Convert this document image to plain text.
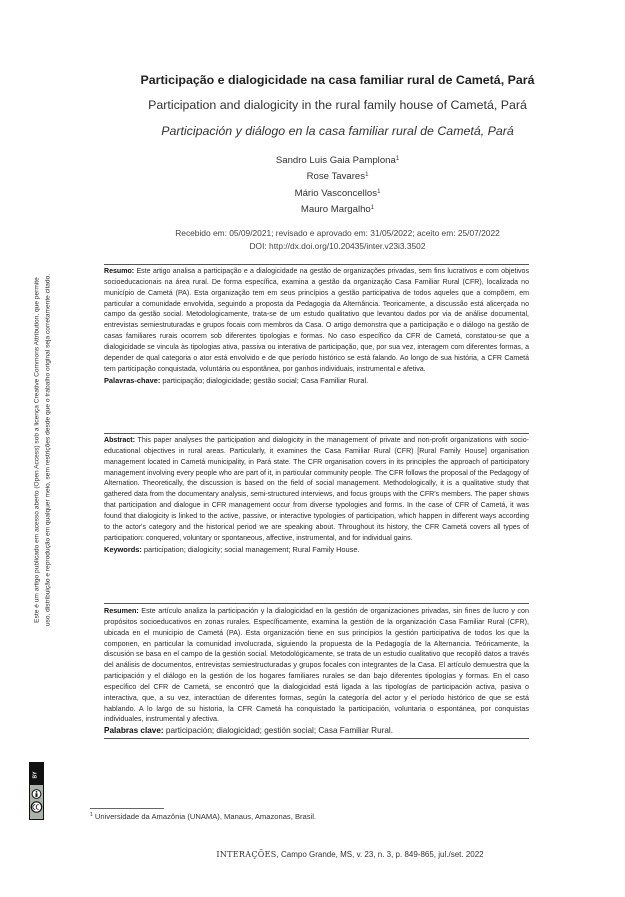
Participação e dialogicidade na casa familiar rural de Cametá, Pará
Participation and dialogicity in the rural family house of Cametá, Pará
Participación y diálogo en la casa familiar rural de Cametá, Pará
Sandro Luis Gaia Pamplona$^1$
Rose Tavares$^1$
Mário Vasconcellos$^1$
Mauro Margalho$^1$
Recebido em: 05/09/2021; revisado e aprovado em: 31/05/2022; aceito em: 25/07/2022
DOI: http://dx.doi.org/10.20435/inter.v23i3.3502

Resumo: Este artigo analisa a participação e a dialogicidade na gestão de organizações privadas, sem fins lucrativos e com objetivos socioeducacionais na área rural. De forma específica, examina a gestão da organização Casa Familiar Rural (CFR), localizada no município de Cametá (PA). Esta organização tem em seus princípios a gestão participativa de todos aqueles que a compõem, em particular a comunidade envolvida, seguindo a proposta da Pedagogia da Alternância. Teoricamente, a discussão está alicerçada no campo da gestão social. Metodologicamente, trata-se de um estudo qualitativo que levantou dados por via de análise documental, entrevistas semiestruturadas e grupos focais com membros da Casa. O artigo demonstra que a participação e o diálogo na gestão de casas familiares rurais ocorrem sob diferentes tipologias e formas. No caso específico da CFR de Cametá, constatou-se que a dialogicidade se vincula às tipologias ativa, passiva ou interativa de participação, que, por sua vez, interagem com diferentes formas, a depender de qual categoria o ator está envolvido e de que período histórico se está falando. Ao longo de sua história, a CFR Cametá tem participação conquistada, voluntária ou espontânea, por ganhos individuais, instrumental e afetiva.

Palavras-chave: participação; dialogicidade; gestão social; Casa Familiar Rural.

Abstract: This paper analyses the participation and dialogicity in the management of private and non-profit organizations with socio-educational objectives in rural areas. Particularly, it examines the Casa Familiar Rural (CFR) [Rural Family House] organisation management located in Cametá municipality, in Pará state. The CFR organisation covers in its principles the approach of participatory management involving every people who are part of it, in particular community people. The CFR follows the proposal of the Pedagogy of Alternation. Theoretically, the discussion is based on the field of social management. Methodologically, it is a qualitative study that gathered data from the documentary analysis, semi-structured interviews, and focus groups with the CFR's members. The paper shows that participation and dialogue in CFR management occur from diverse typologies and forms. In the case of CFR of Cametá, it was found that dialogicity is linked to the active, passive, or interactive typologies of participation, which happen in different ways according to the actor's category and the historical period we are speaking about. Throughout its history, the CFR Cametá covers all types of participation: conquered, voluntary or spontaneous, affective, instrumental, and for individual gains.

Keywords: participation; dialogicity; social management; Rural Family House.

Resumen: Este artículo analiza la participación y la dialogicidad en la gestión de organizaciones privadas, sin fines de lucro y con propósitos socioeducativos en zonas rurales. Específicamente, examina la gestión de la organización Casa Familiar Rural (CFR), ubicada en el municipio de Cametá (PA). Esta organización tiene en sus principios la gestión participativa de todos los que la componen, en particular la comunidad involucrada, siguiendo la propuesta de la Pedagogía de la Alternancia. Teóricamente, la discusión se basa en el campo de la gestión social. Metodológicamente, se trata de un estudio cualitativo que recopiló datos a través del análisis de documentos, entrevistas semiestructuradas y grupos focales con integrantes de la Casa. El artículo demuestra que la participación y el diálogo en la gestión de los hogares familiares rurales se dan bajo diferentes tipologías y formas. En el caso específico del CFR de Cametá, se encontró que la dialogicidad está ligada a las tipologías de participación activa, pasiva o interactiva, que, a su vez, interactúan de diferentes formas, según la categoría del actor y el período histórico de que se está hablando. A lo largo de su historia, la CFR Cametá ha conquistado la participación, voluntaria o espontánea, por conquistas individuales, instrumental y afectiva.

Palabras clave: participación; dialogicidad; gestión social; Casa Familiar Rural.
Este é um artigo publicado em acesso aberto (Open Access) sob a licença Creative Commons Attribution, que permite uso, distribuição e reprodução em qualquer meio, sem restrições desde que o trabalho original seja corretamente citado.
BY
$^1$ Universidade da Amazônia (UNAMA), Manaus, Amazonas, Brasil.
INTERAÇÕES, Campo Grande, MS, v. 23, n. 3, p. 849-865, jul./set. 2022
